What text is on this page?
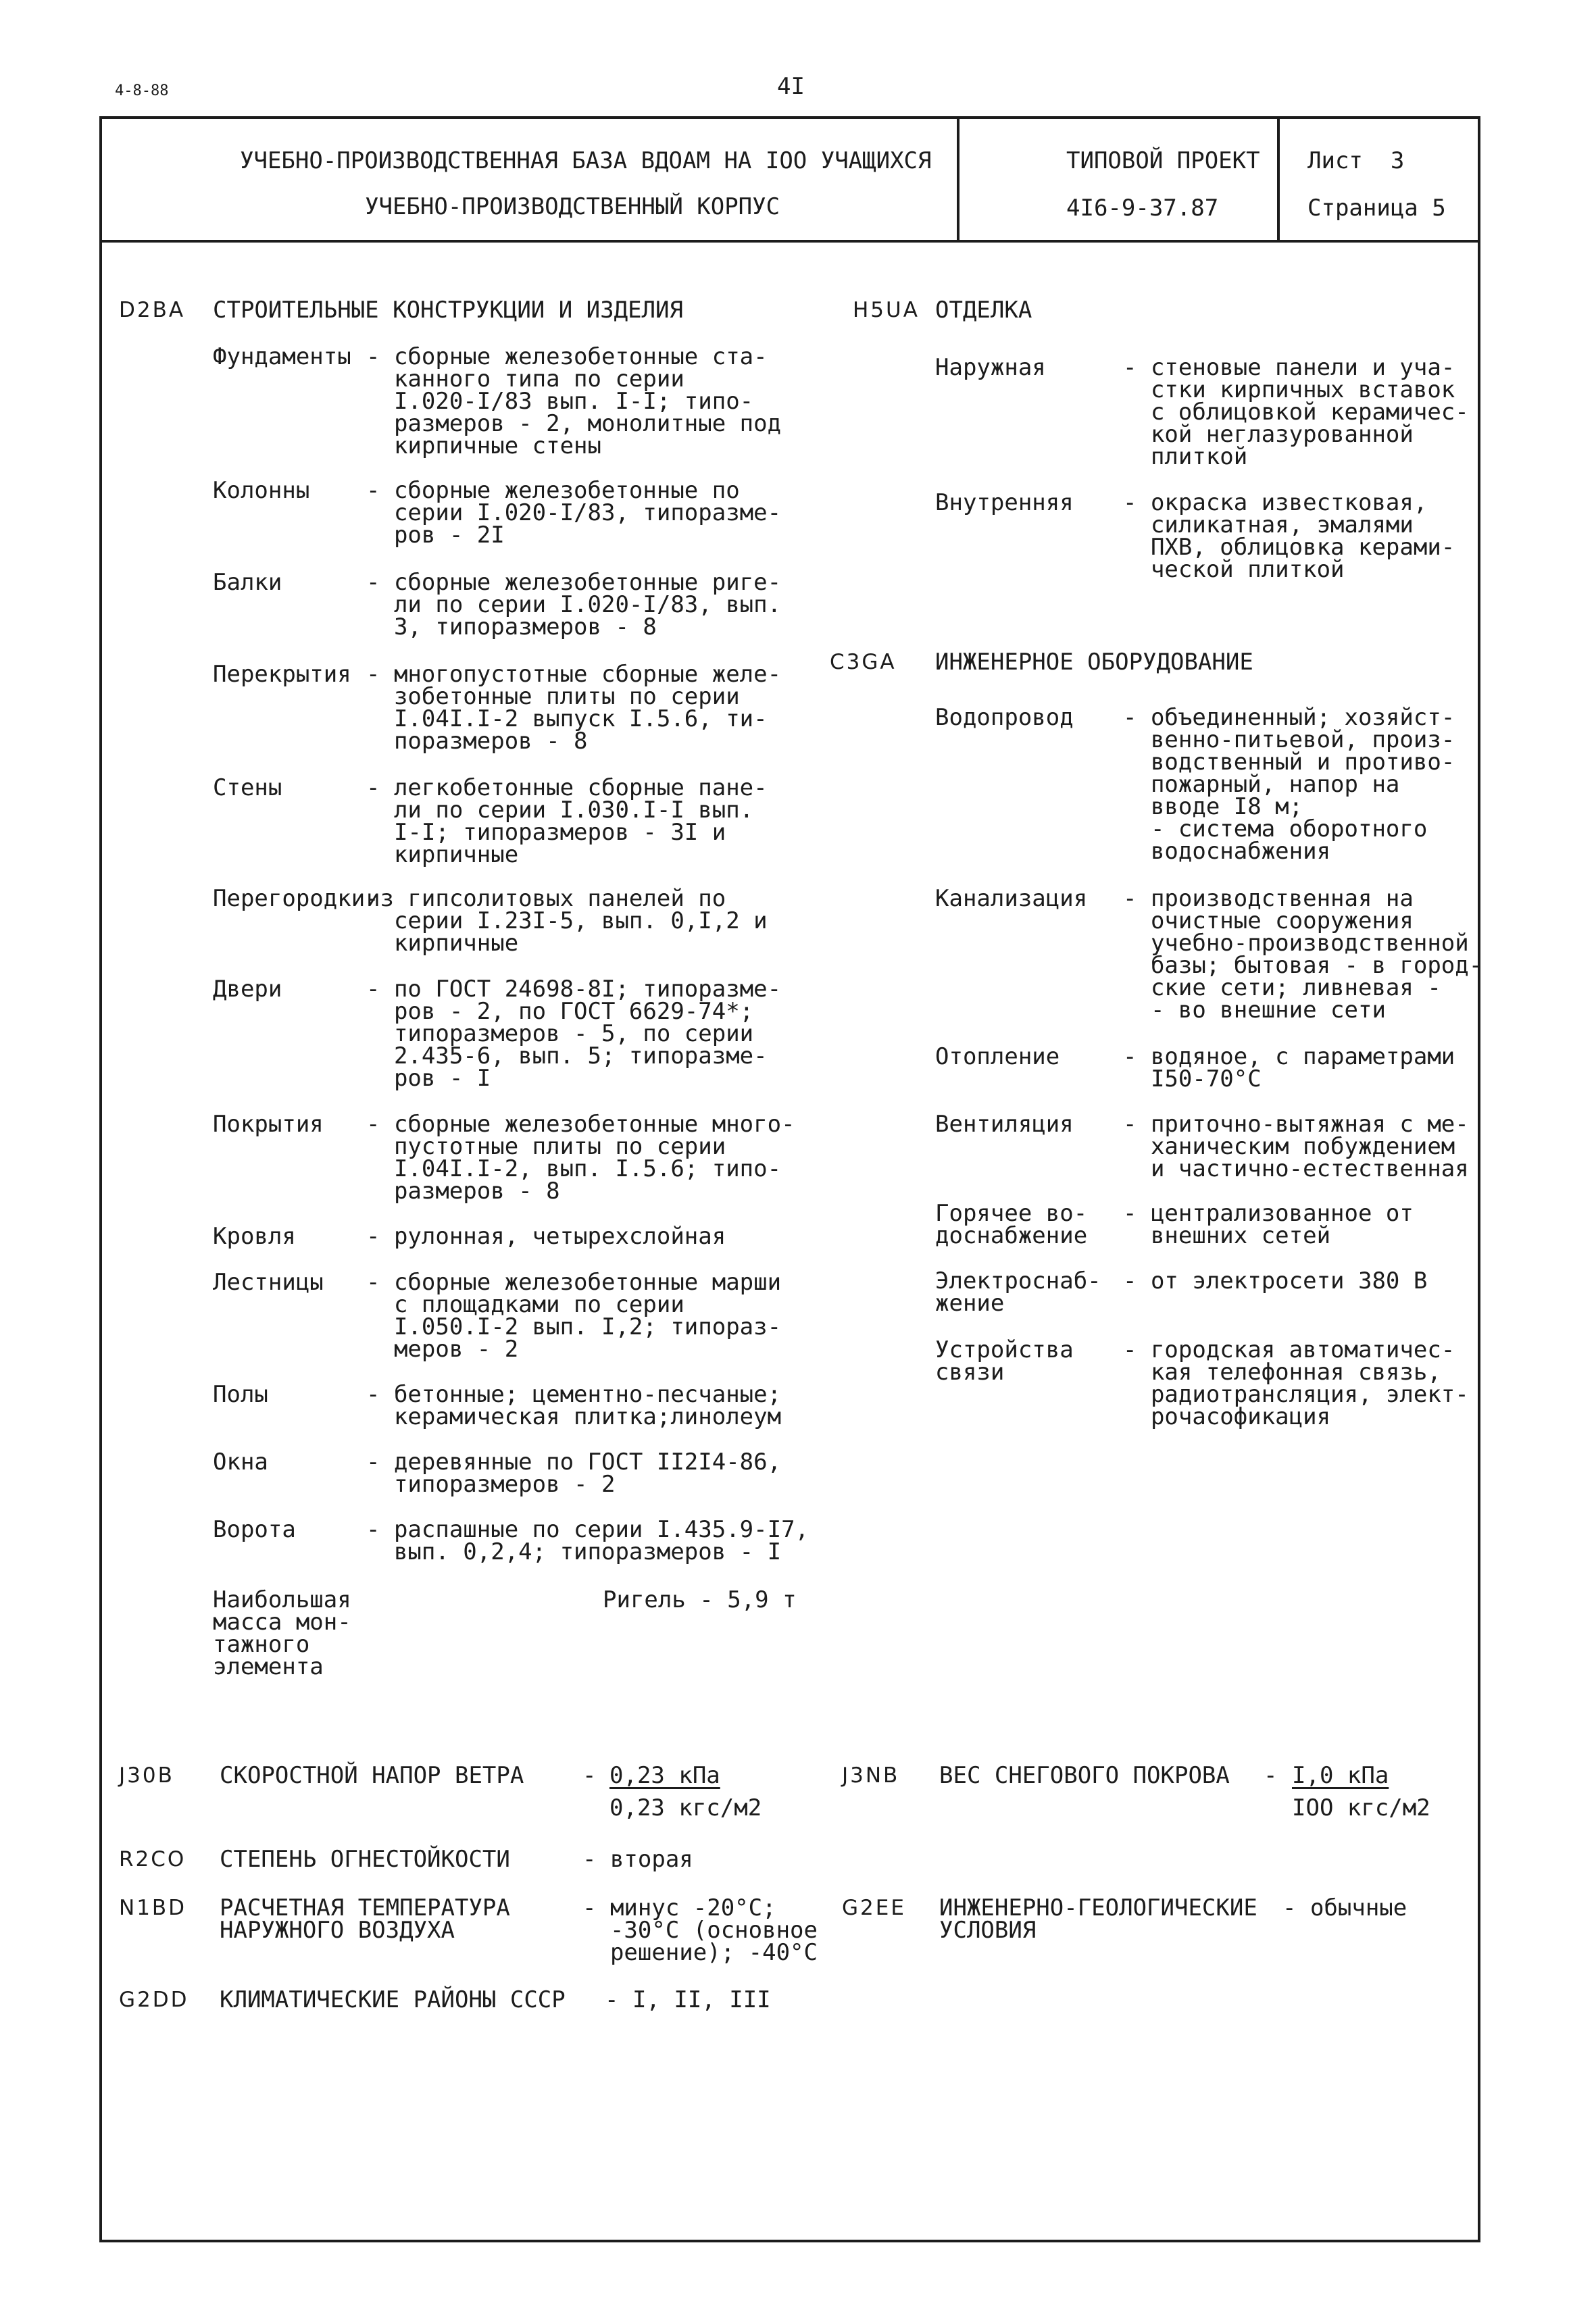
4-8-88	4I
УЧЕБНО-ПРОИЗВОДСТВЕННАЯ БАЗА ВДОАМ НА IOO УЧАЩИХСЯ
УЧЕБНО-ПРОИЗВОДСТВЕННЫЙ КОРПУС
ТИПОВОЙ ПРОЕКТ
4I6-9-37.87
Лист  3
Страница 5
D2BA СТРОИТЕЛЬНЫЕ КОНСТРУКЦИИ И ИЗДЕЛИЯ
Фундаменты - сборные железобетонные ста-
канного типа по серии
I.020-I/83 вып. I-I; типо-
размеров - 2, монолитные под
кирпичные стены
Колонны - сборные железобетонные по
серии I.020-I/83, типоразме-
ров - 2I
Балки	- сборные железобетонные риге-
ли по серии I.020-I/83, вып.
3, типоразмеров - 8
Перекрытия - многопустотные сборные желе-
зобетонные плиты по серии
I.04I.I-2 выпуск I.5.6, ти-
поразмеров - 8
Стены	- легкобетонные сборные пане-
ли по серии I.030.I-I вып.
I-I; типоразмеров - 3I и
кирпичные
Перегородки-
из гипсолитовых панелей по
серии I.23I-5, вып. 0,I,2 и
кирпичные
Двери	- по ГОСТ 24698-8I; типоразме-
ров - 2, по ГОСТ 6629-74*;
типоразмеров - 5, по серии
2.435-6, вып. 5; типоразме-
ров - I
Покрытия - сборные железобетонные много-
пустотные плиты по серии
I.04I.I-2, вып. I.5.6; типо-
размеров - 8
Кровля	- рулонная, четырехслойная
Лестницы - сборные железобетонные марши
с площадками по серии
I.050.I-2 вып. I,2; типораз-
меров - 2
Полы	- бетонные; цементно-песчаные;
керамическая плитка;линолеум
Окна	- деревянные по ГОСТ II2I4-86,
типоразмеров - 2
Ворота	- распашные по серии I.435.9-I7,
вып. 0,2,4; типоразмеров - I
Наибольшая
масса мон-
тажного
элемента
Ригель - 5,9 т
H5UA ОТДЕЛКА
Наружная	- стеновые панели и уча-
стки кирпичных вставок
с облицовкой керамичес-
кой неглазурованной
плиткой
Внутренняя - окраска известковая,
силикатная, эмалями
ПХВ, облицовка керами-
ческой плиткой
C3GA ИНЖЕНЕРНОЕ ОБОРУДОВАНИЕ
Водопровод - объединенный; хозяйст-
венно-питьевой, произ-
водственный и противо-
пожарный, напор на
вводе I8 м;
- система оборотного
водоснабжения
Канализация - производственная на
очистные сооружения
учебно-производственной
базы; бытовая - в город-
ские сети; ливневая -
- во внешние сети
Отопление	- водяное, с параметрами
I50-70°С
Вентиляция - приточно-вытяжная с ме-
ханическим побуждением
и частично-естественная
Горячее во-
доснабжение
- централизованное от
внешних сетей
Электроснаб-
жение
- от электросети 380 В
Устройства
связи
- городская автоматичес-
кая телефонная связь,
радиотрансляция, элект-
рочасофикация
J30B СКОРОСТНОЙ НАПОР ВЕТРА	- 0,23 кПа
0,23 кгс/м2
J3NB ВЕС СНЕГОВОГО ПОКРОВА - I,0 кПа
IOO кгс/м2
R2CO СТЕПЕНЬ ОГНЕСТОЙКОСТИ	- вторая
N1BD РАСЧЕТНАЯ ТЕМПЕРАТУРА
НАРУЖНОГО ВОЗДУХА
- минус -20°С;
-30°С (основное
решение); -40°С
G2EE ИНЖЕНЕРНО-ГЕОЛОГИЧЕСКИЕ
УСЛОВИЯ
- обычные
G2DD КЛИМАТИЧЕСКИЕ РАЙОНЫ СССР - I, II, III
